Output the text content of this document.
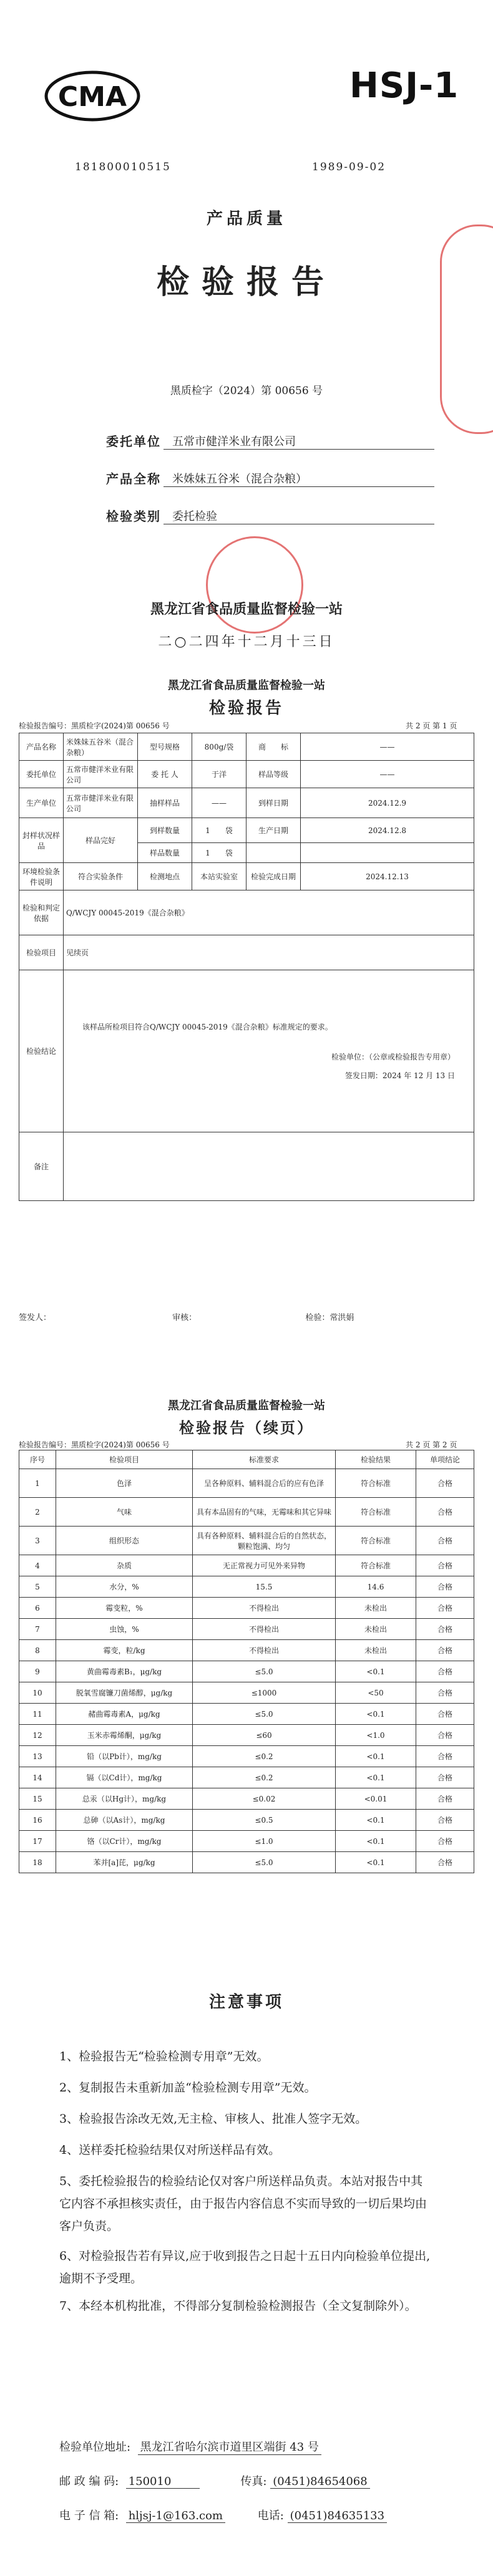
CMA	HSJ-1
181800010515	1989-09-02
产品质量
检验报告
黑质检字（2024）第 00656 号
委托单位	五常市健洋米业有限公司
产品全称	米姝妹五谷米（混合杂粮）
检验类别	委托检验
黑龙江省食品质量监督检验一站
二○二四年十二月十三日
黑龙江省食品质量监督检验一站
检验报告
检验报告编号：黑质检字(2024)第 00656 号	共 2 页 第 1 页
产品名称	米姝妹五谷米（混合杂粮）	型号规格	800g/袋	商　　标	——
委托单位	五常市健洋米业有限公司	委 托 人	于洋	样品等级	——
生产单位	五常市健洋米业有限公司	抽样样品	——	到样日期	2024.12.9
封样状况样品	样品完好	到样数量	1　　袋	生产日期	2024.12.8
		样品数量	1　　袋		
环境检验条件说明	符合实验条件	检测地点	本站实验室	检验完成日期	2024.12.13
检验和判定依据	Q/WCJY 00045-2019《混合杂粮》				
检验项目	见续页				
检验结论	该样品所检项目符合Q/WCJY 00045-2019《混合杂粮》标准规定的要求。
检验单位：（公章或检验报告专用章）
签发日期：2024 年 12 月 13 日				

备注					
签发人：	审核：	检验：常洪娟
黑龙江省食品质量监督检验一站
检验报告（续页）
检验报告编号：黑质检字(2024)第 00656 号	共 2 页 第 2 页
序号	检验项目	标准要求	检验结果	单项结论
1	色泽	呈各种原料、辅料混合后的应有色泽	符合标准	合格
2	气味	具有本品固有的气味，无霉味和其它异味	符合标准	合格
3	组织形态	具有各种原料、辅料混合后的自然状态，颗粒饱满、均匀	符合标准	合格
4	杂质	无正常视力可见外来异物	符合标准	合格
5	水分，%	15.5	14.6	合格
6	霉变粒，%	不得检出	未检出	合格
7	虫蚀，%	不得检出	未检出	合格
8	霉变，粒/kg	不得检出	未检出	合格
9	黄曲霉毒素B₁，μg/kg	≤5.0	<0.1	合格
10	脱氧雪腐镰刀菌烯醇，μg/kg	≤1000	<50	合格
11	赭曲霉毒素A，μg/kg	≤5.0	<0.1	合格
12	玉米赤霉烯酮，μg/kg	≤60	<1.0	合格
13	铅（以Pb计），mg/kg	≤0.2	<0.1	合格
14	镉（以Cd计），mg/kg	≤0.2	<0.1	合格
15	总汞（以Hg计），mg/kg	≤0.02	<0.01	合格
16	总砷（以As计），mg/kg	≤0.5	<0.1	合格
17	铬（以Cr计），mg/kg	≤1.0	<0.1	合格
18	苯并[a]芘，μg/kg	≤5.0	<0.1	合格
注意事项
1、检验报告无“检验检测专用章”无效。
2、复制报告未重新加盖“检验检测专用章”无效。
3、检验报告涂改无效,无主检、审核人、批准人签字无效。
4、送样委托检验结果仅对所送样品有效。
5、委托检验报告的检验结论仅对客户所送样品负责。本站对报告中其它内容不承担核实责任，由于报告内容信息不实而导致的一切后果均由客户负责。
6、对检验报告若有异议,应于收到报告之日起十五日内向检验单位提出,逾期不予受理。
7、本经本机构批准，不得部分复制检验检测报告（全文复制除外）。
检验单位地址: 黑龙江省哈尔滨市道里区端街 43 号
邮 政 编 码: 150010	传真: (0451)84654068
电 子 信 箱: hljsj-1@163.com	电话: (0451)84635133
